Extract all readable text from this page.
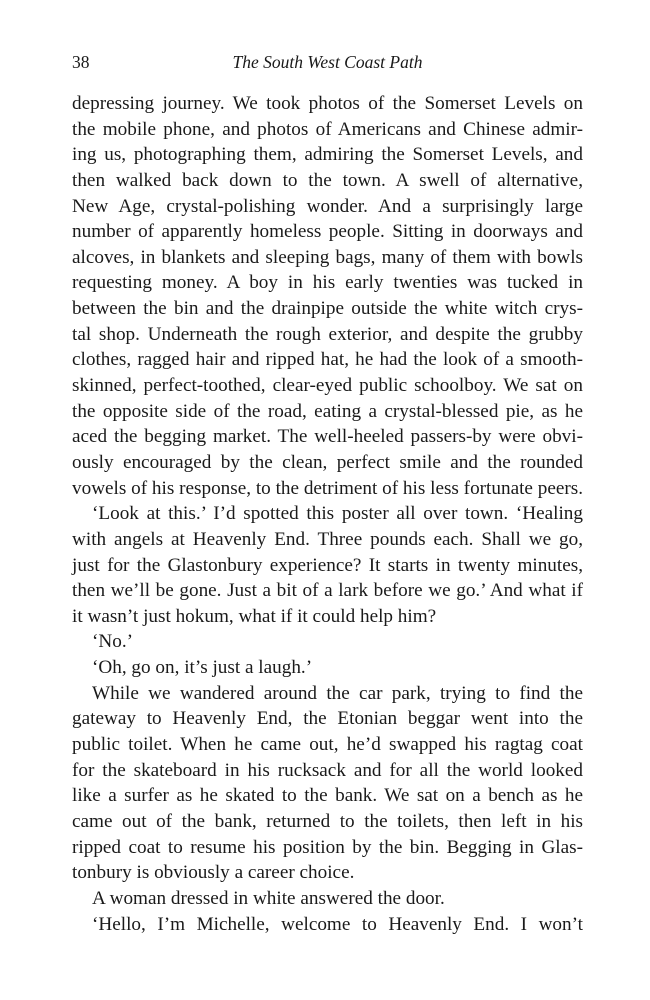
38	The South West Coast Path

depressing journey. We took photos of the Somerset Levels on
the mobile phone, and photos of Americans and Chinese admir-
ing us, photographing them, admiring the Somerset Levels, and
then walked back down to the town. A swell of alternative,
New Age, crystal-polishing wonder. And a surprisingly large
number of apparently homeless people. Sitting in doorways and
alcoves, in blankets and sleeping bags, many of them with bowls
requesting money. A boy in his early twenties was tucked in
between the bin and the drainpipe outside the white witch crys-
tal shop. Underneath the rough exterior, and despite the grubby
clothes, ragged hair and ripped hat, he had the look of a smooth-
skinned, perfect-toothed, clear-eyed public schoolboy. We sat on
the opposite side of the road, eating a crystal-blessed pie, as he
aced the begging market. The well-heeled passers-by were obvi-
ously encouraged by the clean, perfect smile and the rounded
vowels of his response, to the detriment of his less fortunate peers.

‘Look at this.’ I’d spotted this poster all over town. ‘Healing
with angels at Heavenly End. Three pounds each. Shall we go,
just for the Glastonbury experience? It starts in twenty minutes,
then we’ll be gone. Just a bit of a lark before we go.’ And what if
it wasn’t just hokum, what if it could help him?

‘No.’

‘Oh, go on, it’s just a laugh.’

While we wandered around the car park, trying to find the
gateway to Heavenly End, the Etonian beggar went into the
public toilet. When he came out, he’d swapped his ragtag coat
for the skateboard in his rucksack and for all the world looked
like a surfer as he skated to the bank. We sat on a bench as he
came out of the bank, returned to the toilets, then left in his
ripped coat to resume his position by the bin. Begging in Glas-
tonbury is obviously a career choice.

A woman dressed in white answered the door.

‘Hello, I’m Michelle, welcome to Heavenly End. I won’t
